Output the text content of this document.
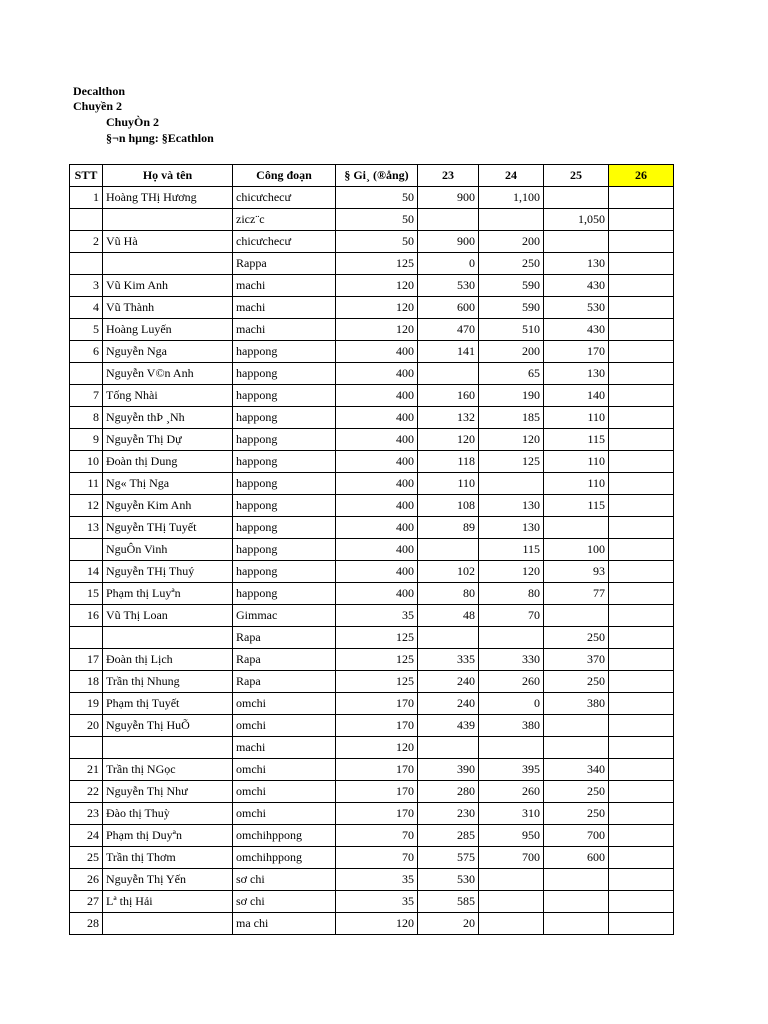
Decalthon
Chuyền 2
ChuyÒn 2
§¬n hµng: §Ecathlon
STT	Họ và tên	Công đoạn	§ Gi¸ (®ång)	23	24	25	26
1	Hoàng THị Hương	chicưchecư	50	900	1,100		
		zicz¨c	50			1,050	
2	Vũ Hà	chicưchecư	50	900	200		
		Rappa	125	0	250	130	
3	Vũ Kim Anh	machi	120	530	590	430	
4	Vũ Thành	machi	120	600	590	530	
5	Hoàng Luyến	machi	120	470	510	430	
6	Nguyễn Nga	happong	400	141	200	170	
	Nguyễn V©n Anh	happong	400		65	130	
7	Tống Nhài	happong	400	160	190	140	
8	Nguyễn thÞ ¸Nh	happong	400	132	185	110	
9	Nguyễn Thị Dự	happong	400	120	120	115	
10	Đoàn thị Dung	happong	400	118	125	110	
11	Ng« Thị Nga	happong	400	110		110	
12	Nguyễn Kim Anh	happong	400	108	130	115	
13	Nguyễn THị Tuyết	happong	400	89	130		
	NguÔn Vinh	happong	400		115	100	
14	Nguyễn THị Thuý	happong	400	102	120	93	
15	Phạm thị Luyªn	happong	400	80	80	77	
16	Vũ Thị Loan	Gimmac	35	48	70		
		Rapa	125			250	
17	Đoàn thị Lịch	Rapa	125	335	330	370	
18	Trần thị Nhung	Rapa	125	240	260	250	
19	Phạm thị Tuyết	omchi	170	240	0	380	
20	Nguyễn Thị HuÕ	omchi	170	439	380		
		machi	120				
21	Trần thị NGọc	omchi	170	390	395	340	
22	Nguyễn Thị Như	omchi	170	280	260	250	
23	Đào thị Thuỳ	omchi	170	230	310	250	
24	Phạm thị Duyªn	omchihppong	70	285	950	700	
25	Trần thị Thơm	omchihppong	70	575	700	600	
26	Nguyễn Thị Yến	sơ chi	35	530			
27	Lª thị Hải	sơ chi	35	585			
28		ma chi	120	20			
